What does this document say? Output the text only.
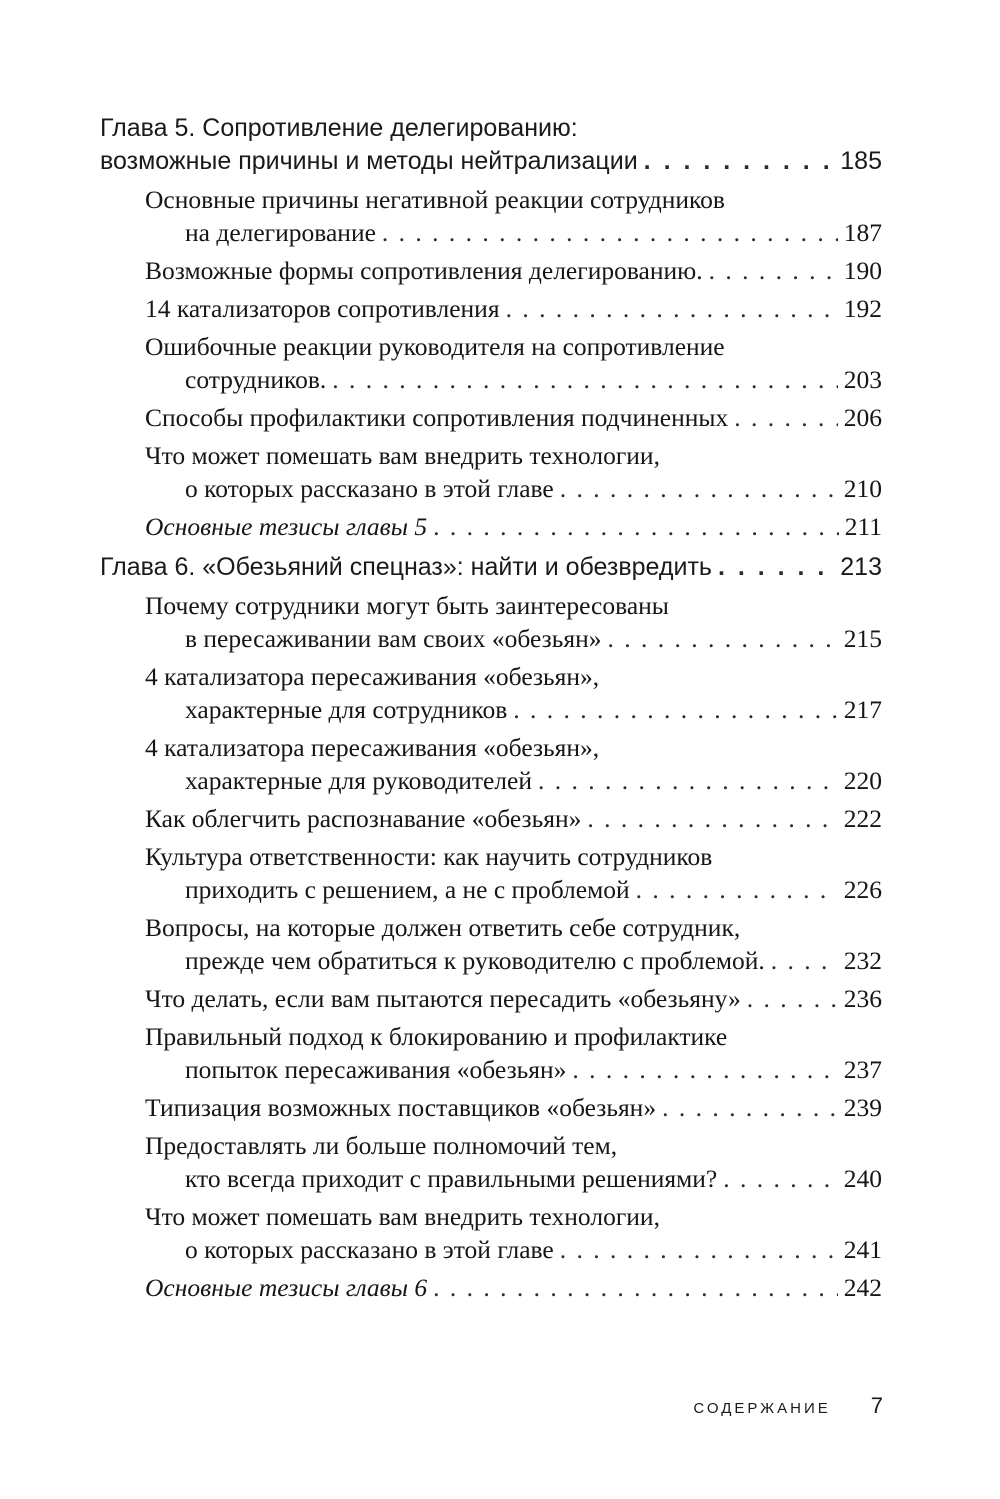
Глава 5. Сопротивление делегированию:
возможные причины и методы нейтрализации . . .	185
Основные причины негативной реакции сотрудников
на делегирование . . .	187
Возможные формы сопротивления делегированию. . . .	190
14 катализаторов сопротивления . . .	192
Ошибочные реакции руководителя на сопротивление
сотрудников. . . .	203
Способы профилактики сопротивления подчиненных . . .	206
Что может помешать вам внедрить технологии,
о которых рассказано в этой главе . . .	210
Основные тезисы главы 5 . . .	211
Глава 6. «Обезьяний спецназ»: найти и обезвредить . . .	213
Почему сотрудники могут быть заинтересованы
в пересаживании вам своих «обезьян» . . .	215
4 катализатора пересаживания «обезьян»,
характерные для сотрудников . . .	217
4 катализатора пересаживания «обезьян»,
характерные для руководителей . . .	220
Как облегчить распознавание «обезьян» . . .	222
Культура ответственности: как научить сотрудников
приходить с решением, а не с проблемой . . .	226
Вопросы, на которые должен ответить себе сотрудник,
прежде чем обратиться к руководителю с проблемой. . . .	232
Что делать, если вам пытаются пересадить «обезьяну» . . .	236
Правильный подход к блокированию и профилактике
попыток пересаживания «обезьян» . . .	237
Типизация возможных поставщиков «обезьян» . . .	239
Предоставлять ли больше полномочий тем,
кто всегда приходит с правильными решениями? . . .	240
Что может помешать вам внедрить технологии,
о которых рассказано в этой главе . . .	241
Основные тезисы главы 6 . . .	242
СОДЕРЖАНИЕ 7
